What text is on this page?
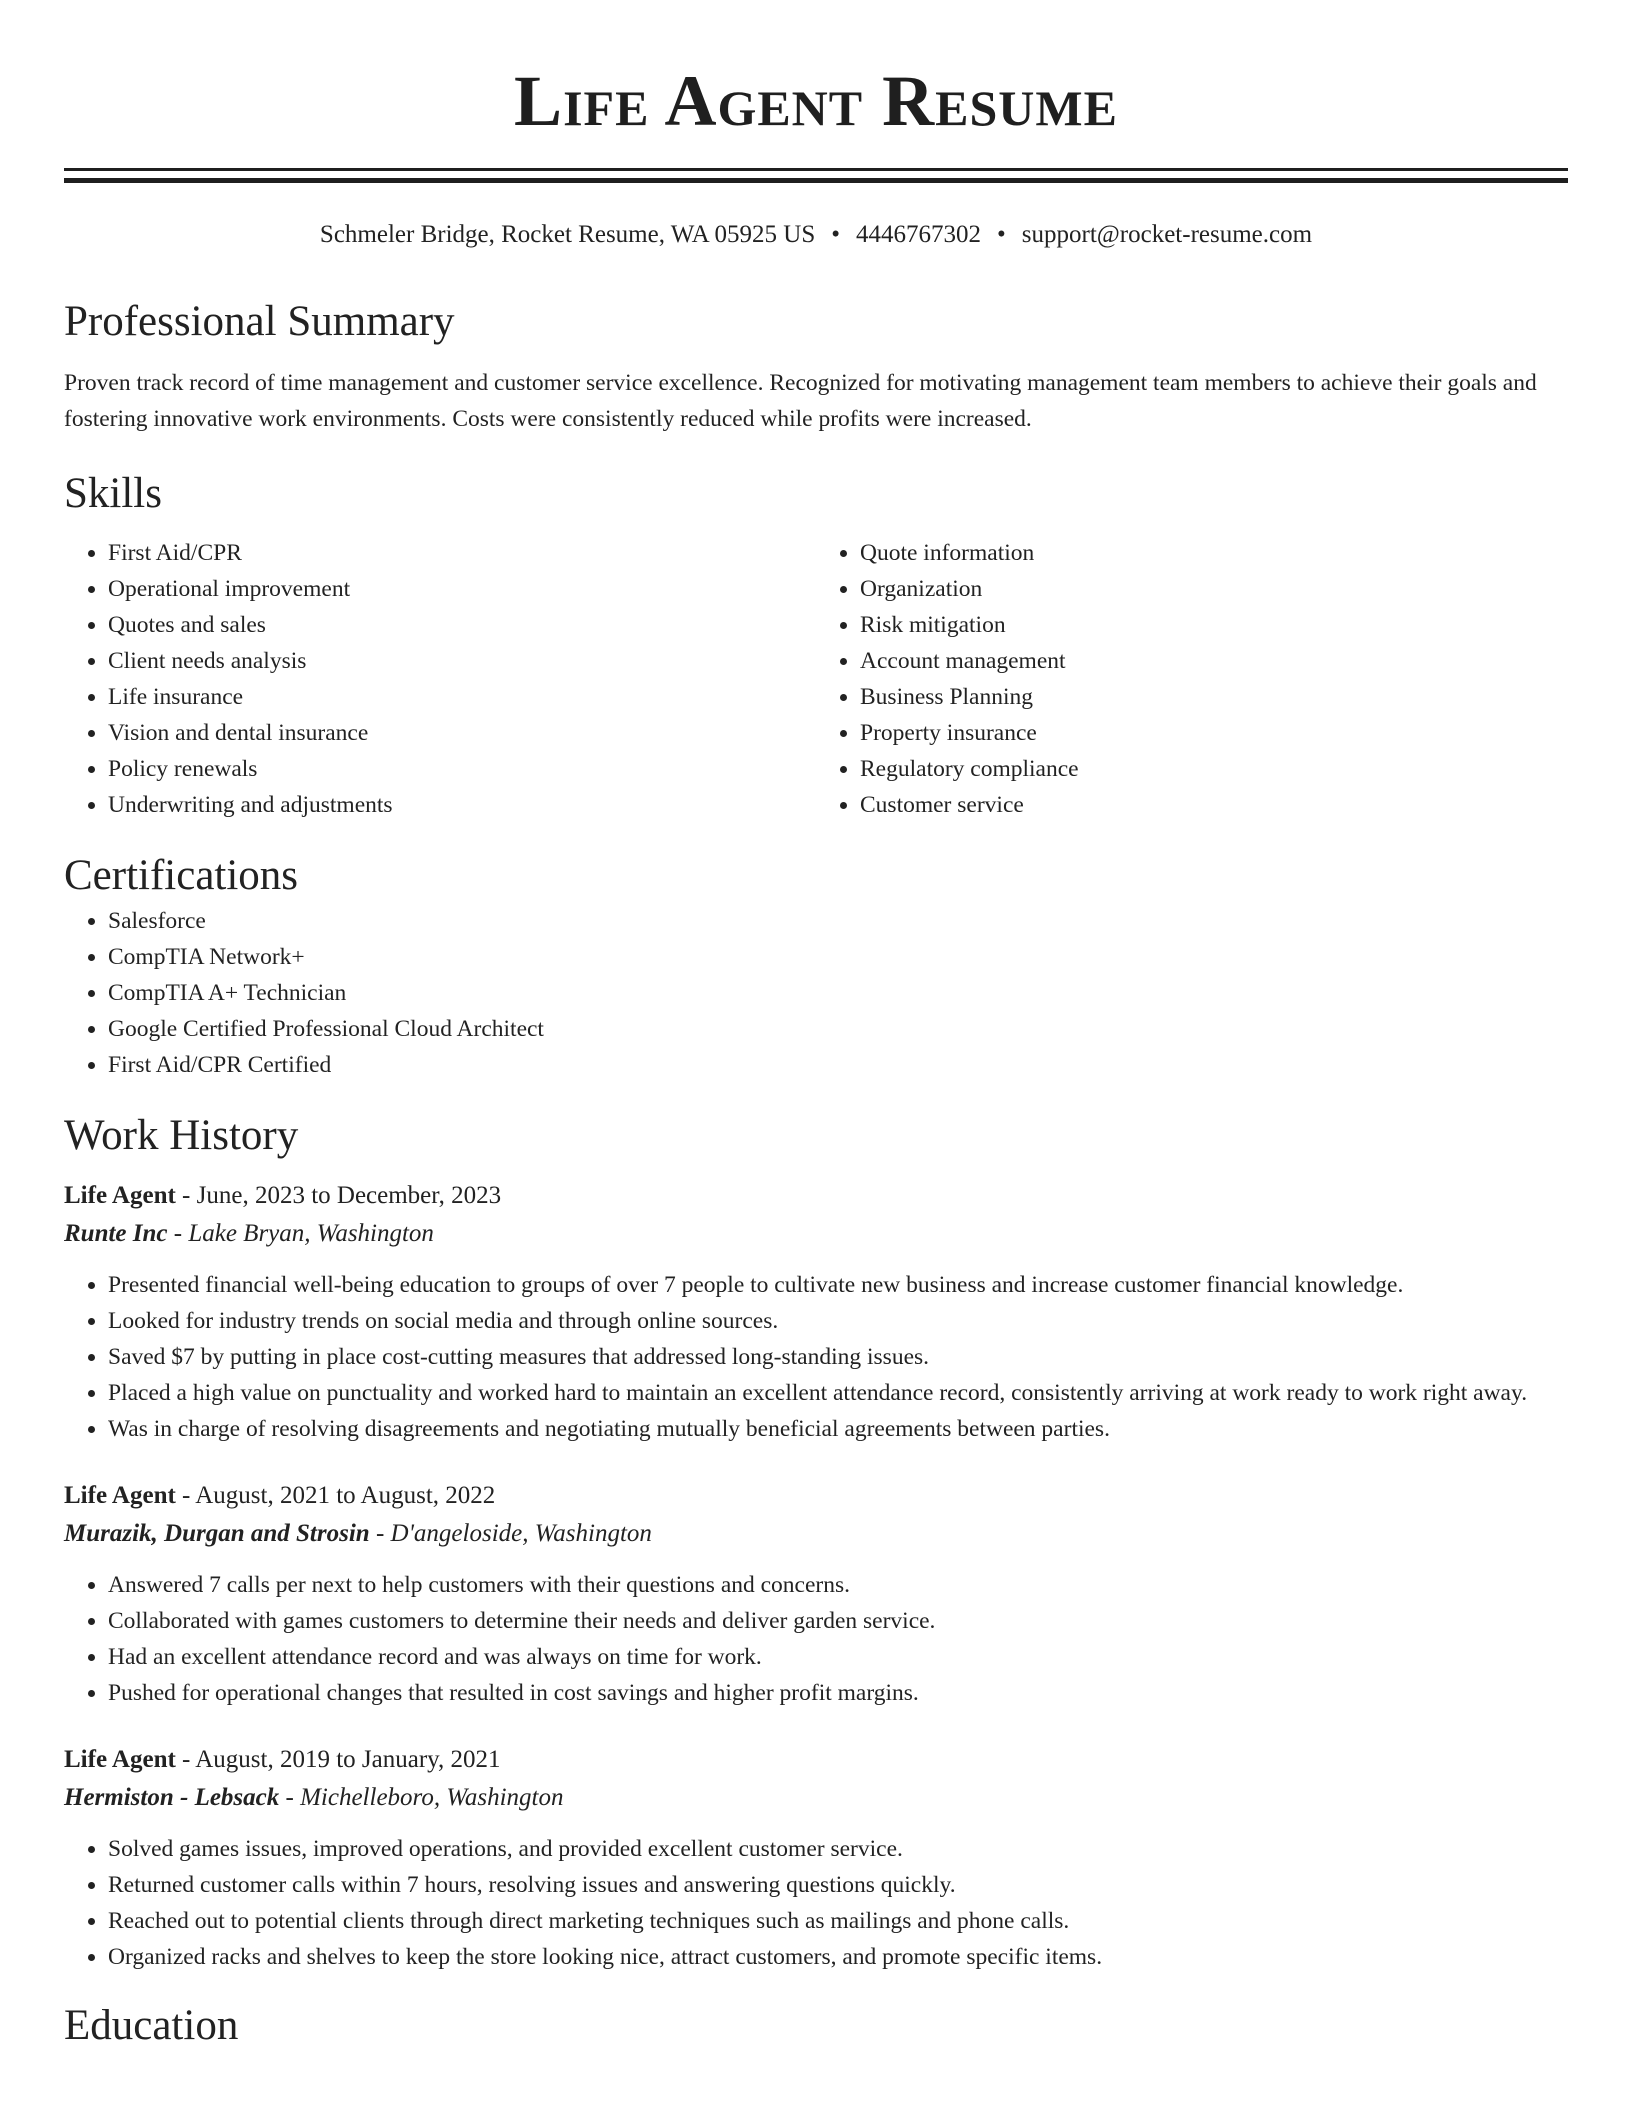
Life Agent Resume
Schmeler Bridge, Rocket Resume, WA 05925 US • 4446767302 • support@rocket-resume.com
Professional Summary

Proven track record of time management and customer service excellence. Recognized for motivating management team members to achieve their goals and fostering innovative work environments. Costs were consistently reduced while profits were increased.

Skills
• First Aid/CPR
• Operational improvement
• Quotes and sales
• Client needs analysis
• Life insurance
• Vision and dental insurance
• Policy renewals
• Underwriting and adjustments
• Quote information
• Organization
• Risk mitigation
• Account management
• Business Planning
• Property insurance
• Regulatory compliance
• Customer service
Certifications
• Salesforce
• CompTIA Network+
• CompTIA A+ Technician
• Google Certified Professional Cloud Architect
• First Aid/CPR Certified
Work History
Life Agent - June, 2023 to December, 2023
Runte Inc - Lake Bryan, Washington
• Presented financial well-being education to groups of over 7 people to cultivate new business and increase customer financial knowledge.
• Looked for industry trends on social media and through online sources.
• Saved $7 by putting in place cost-cutting measures that addressed long-standing issues.
• Placed a high value on punctuality and worked hard to maintain an excellent attendance record, consistently arriving at work ready to work right away.
• Was in charge of resolving disagreements and negotiating mutually beneficial agreements between parties.
Life Agent - August, 2021 to August, 2022
Murazik, Durgan and Strosin - D'angeloside, Washington
• Answered 7 calls per next to help customers with their questions and concerns.
• Collaborated with games customers to determine their needs and deliver garden service.
• Had an excellent attendance record and was always on time for work.
• Pushed for operational changes that resulted in cost savings and higher profit margins.
Life Agent - August, 2019 to January, 2021
Hermiston - Lebsack - Michelleboro, Washington
• Solved games issues, improved operations, and provided excellent customer service.
• Returned customer calls within 7 hours, resolving issues and answering questions quickly.
• Reached out to potential clients through direct marketing techniques such as mailings and phone calls.
• Organized racks and shelves to keep the store looking nice, attract customers, and promote specific items.
Education
